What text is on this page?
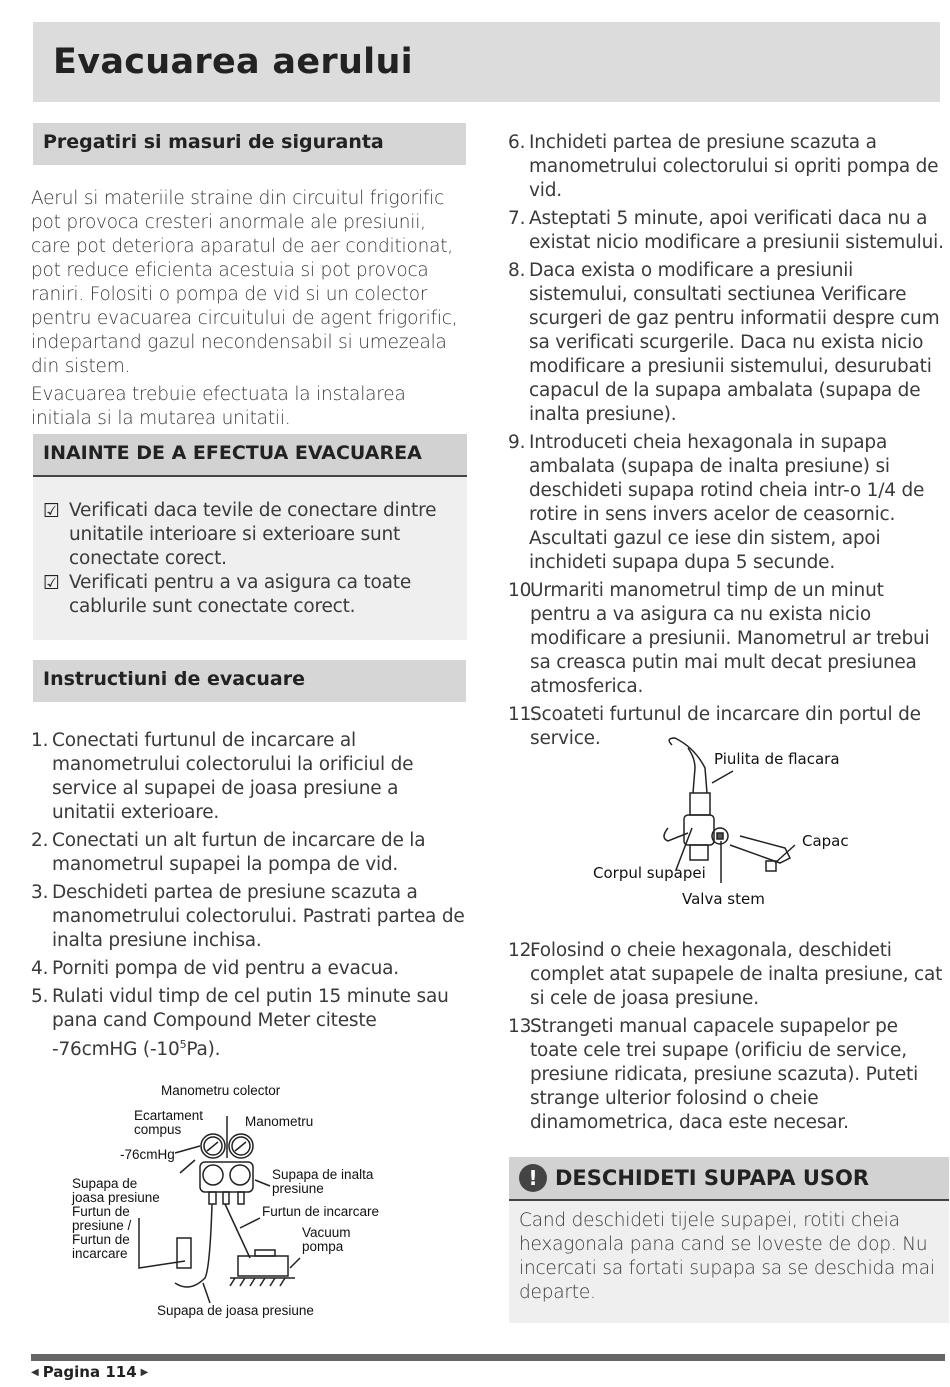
Evacuarea aerului
Pregatiri si masuri de siguranta

Aerul si materiile straine din circuitul frigorific pot provoca cresteri anormale ale presiunii, care pot deteriora aparatul de aer conditionat, pot reduce eficienta acestuia si pot provoca raniri. Folositi o pompa de vid si un colector pentru evacuarea circuitului de agent frigorific, indepartand gazul necondensabil si umezeala din sistem.

Evacuarea trebuie efectuata la instalarea initiala si la mutarea unitatii.

INAINTE DE A EFECTUA EVACUAREA
☑ Verificati daca tevile de conectare dintre unitatile interioare si exterioare sunt conectate corect.
☑ Verificati pentru a va asigura ca toate cablurile sunt conectate corect.
Instructiuni de evacuare
1. Conectati furtunul de incarcare al manometrului colectorului la orificiul de service al supapei de joasa presiune a unitatii exterioare.
2. Conectati un alt furtun de incarcare de la manometrul supapei la pompa de vid.
3. Deschideti partea de presiune scazuta a manometrului colectorului. Pastrati partea de inalta presiune inchisa.
4. Porniti pompa de vid pentru a evacua.
5. Rulati vidul timp de cel putin 15 minute sau pana cand Compound Meter citeste -76cmHG $(-10^5Pa)$.
Manometru colector
Ecartament
compus
Manometru
-76cmHg
Supapa de
joasa presiune
Furtun de
presiune /
Furtun de
incarcare
Supapa de inalta
presiune
Furtun de incarcare
Vacuum
pompa
Supapa de joasa presiune
6. Inchideti partea de presiune scazuta a manometrului colectorului si opriti pompa de vid.
7. Asteptati 5 minute, apoi verificati daca nu a existat nicio modificare a presiunii sistemului.
8. Daca exista o modificare a presiunii sistemului, consultati sectiunea Verificare scurgeri de gaz pentru informatii despre cum sa verificati scurgerile. Daca nu exista nicio modificare a presiunii sistemului, desurubati capacul de la supapa ambalata (supapa de inalta presiune).
9. Introduceti cheia hexagonala in supapa ambalata (supapa de inalta presiune) si deschideti supapa rotind cheia intr-o 1/4 de rotire in sens invers acelor de ceasornic. Ascultati gazul ce iese din sistem, apoi inchideti supapa dupa 5 secunde.
10.
Urmariti manometrul timp de un minut pentru a va asigura ca nu exista nicio modificare a presiunii. Manometrul ar trebui sa creasca putin mai mult decat presiunea atmosferica.
11.
Scoateti furtunul de incarcare din portul de service.
Piulita de flacara
Capac
Corpul supapei
Valva stem
12.
Folosind o cheie hexagonala, deschideti complet atat supapele de inalta presiune, cat si cele de joasa presiune.
13.
Strangeti manual capacele supapelor pe toate cele trei supape (orificiu de service, presiune ridicata, presiune scazuta). Puteti strange ulterior folosind o cheie dinamometrica, daca este necesar.
! DESCHIDETI SUPAPA USOR

Cand deschideti tijele supapei, rotiti cheia hexagonala pana cand se loveste de dop. Nu incercati sa fortati supapa sa se deschida mai departe.

◀ Pagina 114 ▶
